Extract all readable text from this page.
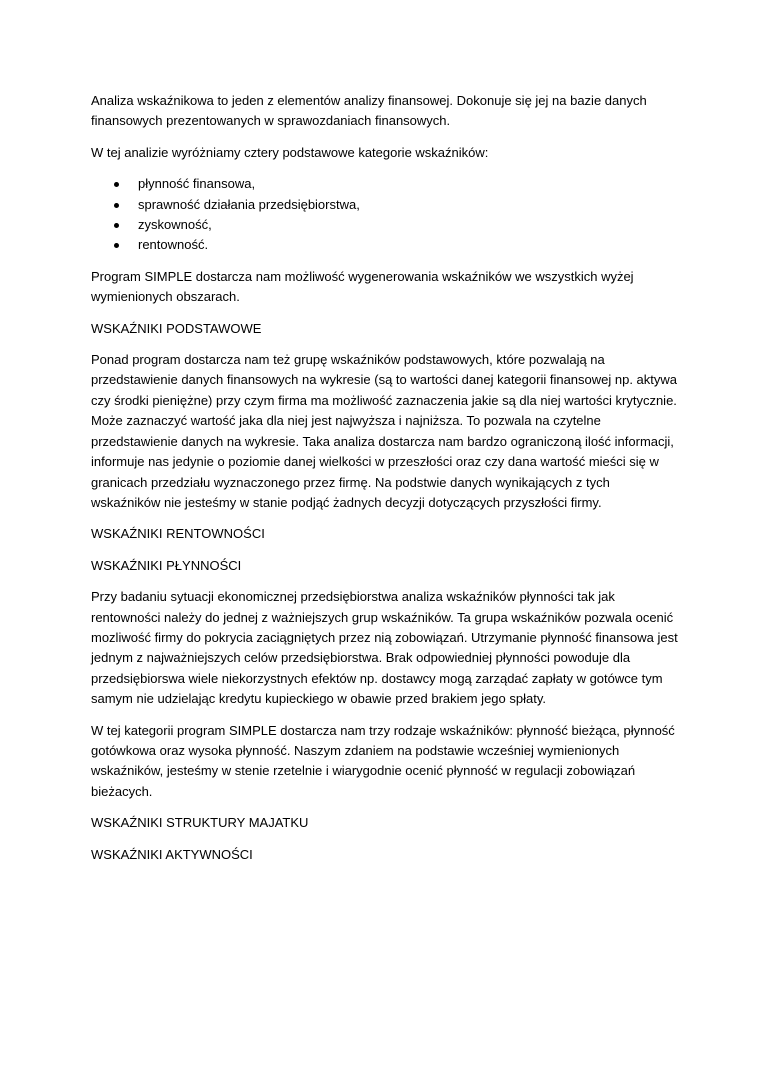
Analiza wskaźnikowa to jeden z elementów analizy finansowej. Dokonuje się jej na bazie danych finansowych prezentowanych w sprawozdaniach finansowych.

W tej analizie wyróżniamy cztery podstawowe kategorie wskaźników:

płynność finansowa,
sprawność działania przedsiębiorstwa,
zyskowność,
rentowność.

Program SIMPLE dostarcza nam możliwość wygenerowania wskaźników we wszystkich wyżej wymienionych obszarach.

WSKAŹNIKI PODSTAWOWE

Ponad program dostarcza nam też grupę wskaźników podstawowych, które pozwalają na przedstawienie danych finansowych na wykresie (są to wartości danej kategorii finansowej np. aktywa czy środki pieniężne) przy czym firma ma możliwość zaznaczenia jakie są dla niej wartości krytycznie. Może zaznaczyć wartość jaka dla niej jest najwyższa i najniższa. To pozwala na czytelne przedstawienie danych na wykresie. Taka analiza dostarcza nam bardzo ograniczoną ilość informacji, informuje nas jedynie o poziomie danej wielkości w przeszłości oraz czy dana wartość mieści się w granicach przedziału wyznaczonego przez firmę. Na podstwie danych wynikających z tych wskaźników nie jesteśmy w stanie podjąć żadnych decyzji dotyczących przyszłości firmy.

WSKAŹNIKI RENTOWNOŚCI

WSKAŹNIKI PŁYNNOŚCI

Przy badaniu sytuacji ekonomicznej przedsiębiorstwa analiza wskaźników płynności tak jak rentowności należy do jednej z ważniejszych grup wskaźników. Ta grupa wskaźników pozwala ocenić mozliwość firmy do pokrycia zaciągniętych przez nią zobowiązań. Utrzymanie płynność finansowa jest jednym z najważniejszych celów przedsiębiorstwa. Brak odpowiedniej płynności powoduje dla przedsiębiorswa wiele niekorzystnych efektów np. dostawcy mogą zarządać zapłaty w gotówce tym samym nie udzielając kredytu kupieckiego w obawie przed brakiem jego spłaty.

W tej kategorii program SIMPLE dostarcza nam trzy rodzaje wskaźników: płynność bieżąca, płynność gotówkowa oraz wysoka płynność. Naszym zdaniem na podstawie wcześniej wymienionych wskaźników, jesteśmy w stenie rzetelnie i wiarygodnie ocenić płynność w regulacji zobowiązań bieżacych.

WSKAŹNIKI STRUKTURY MAJATKU

WSKAŹNIKI AKTYWNOŚCI
